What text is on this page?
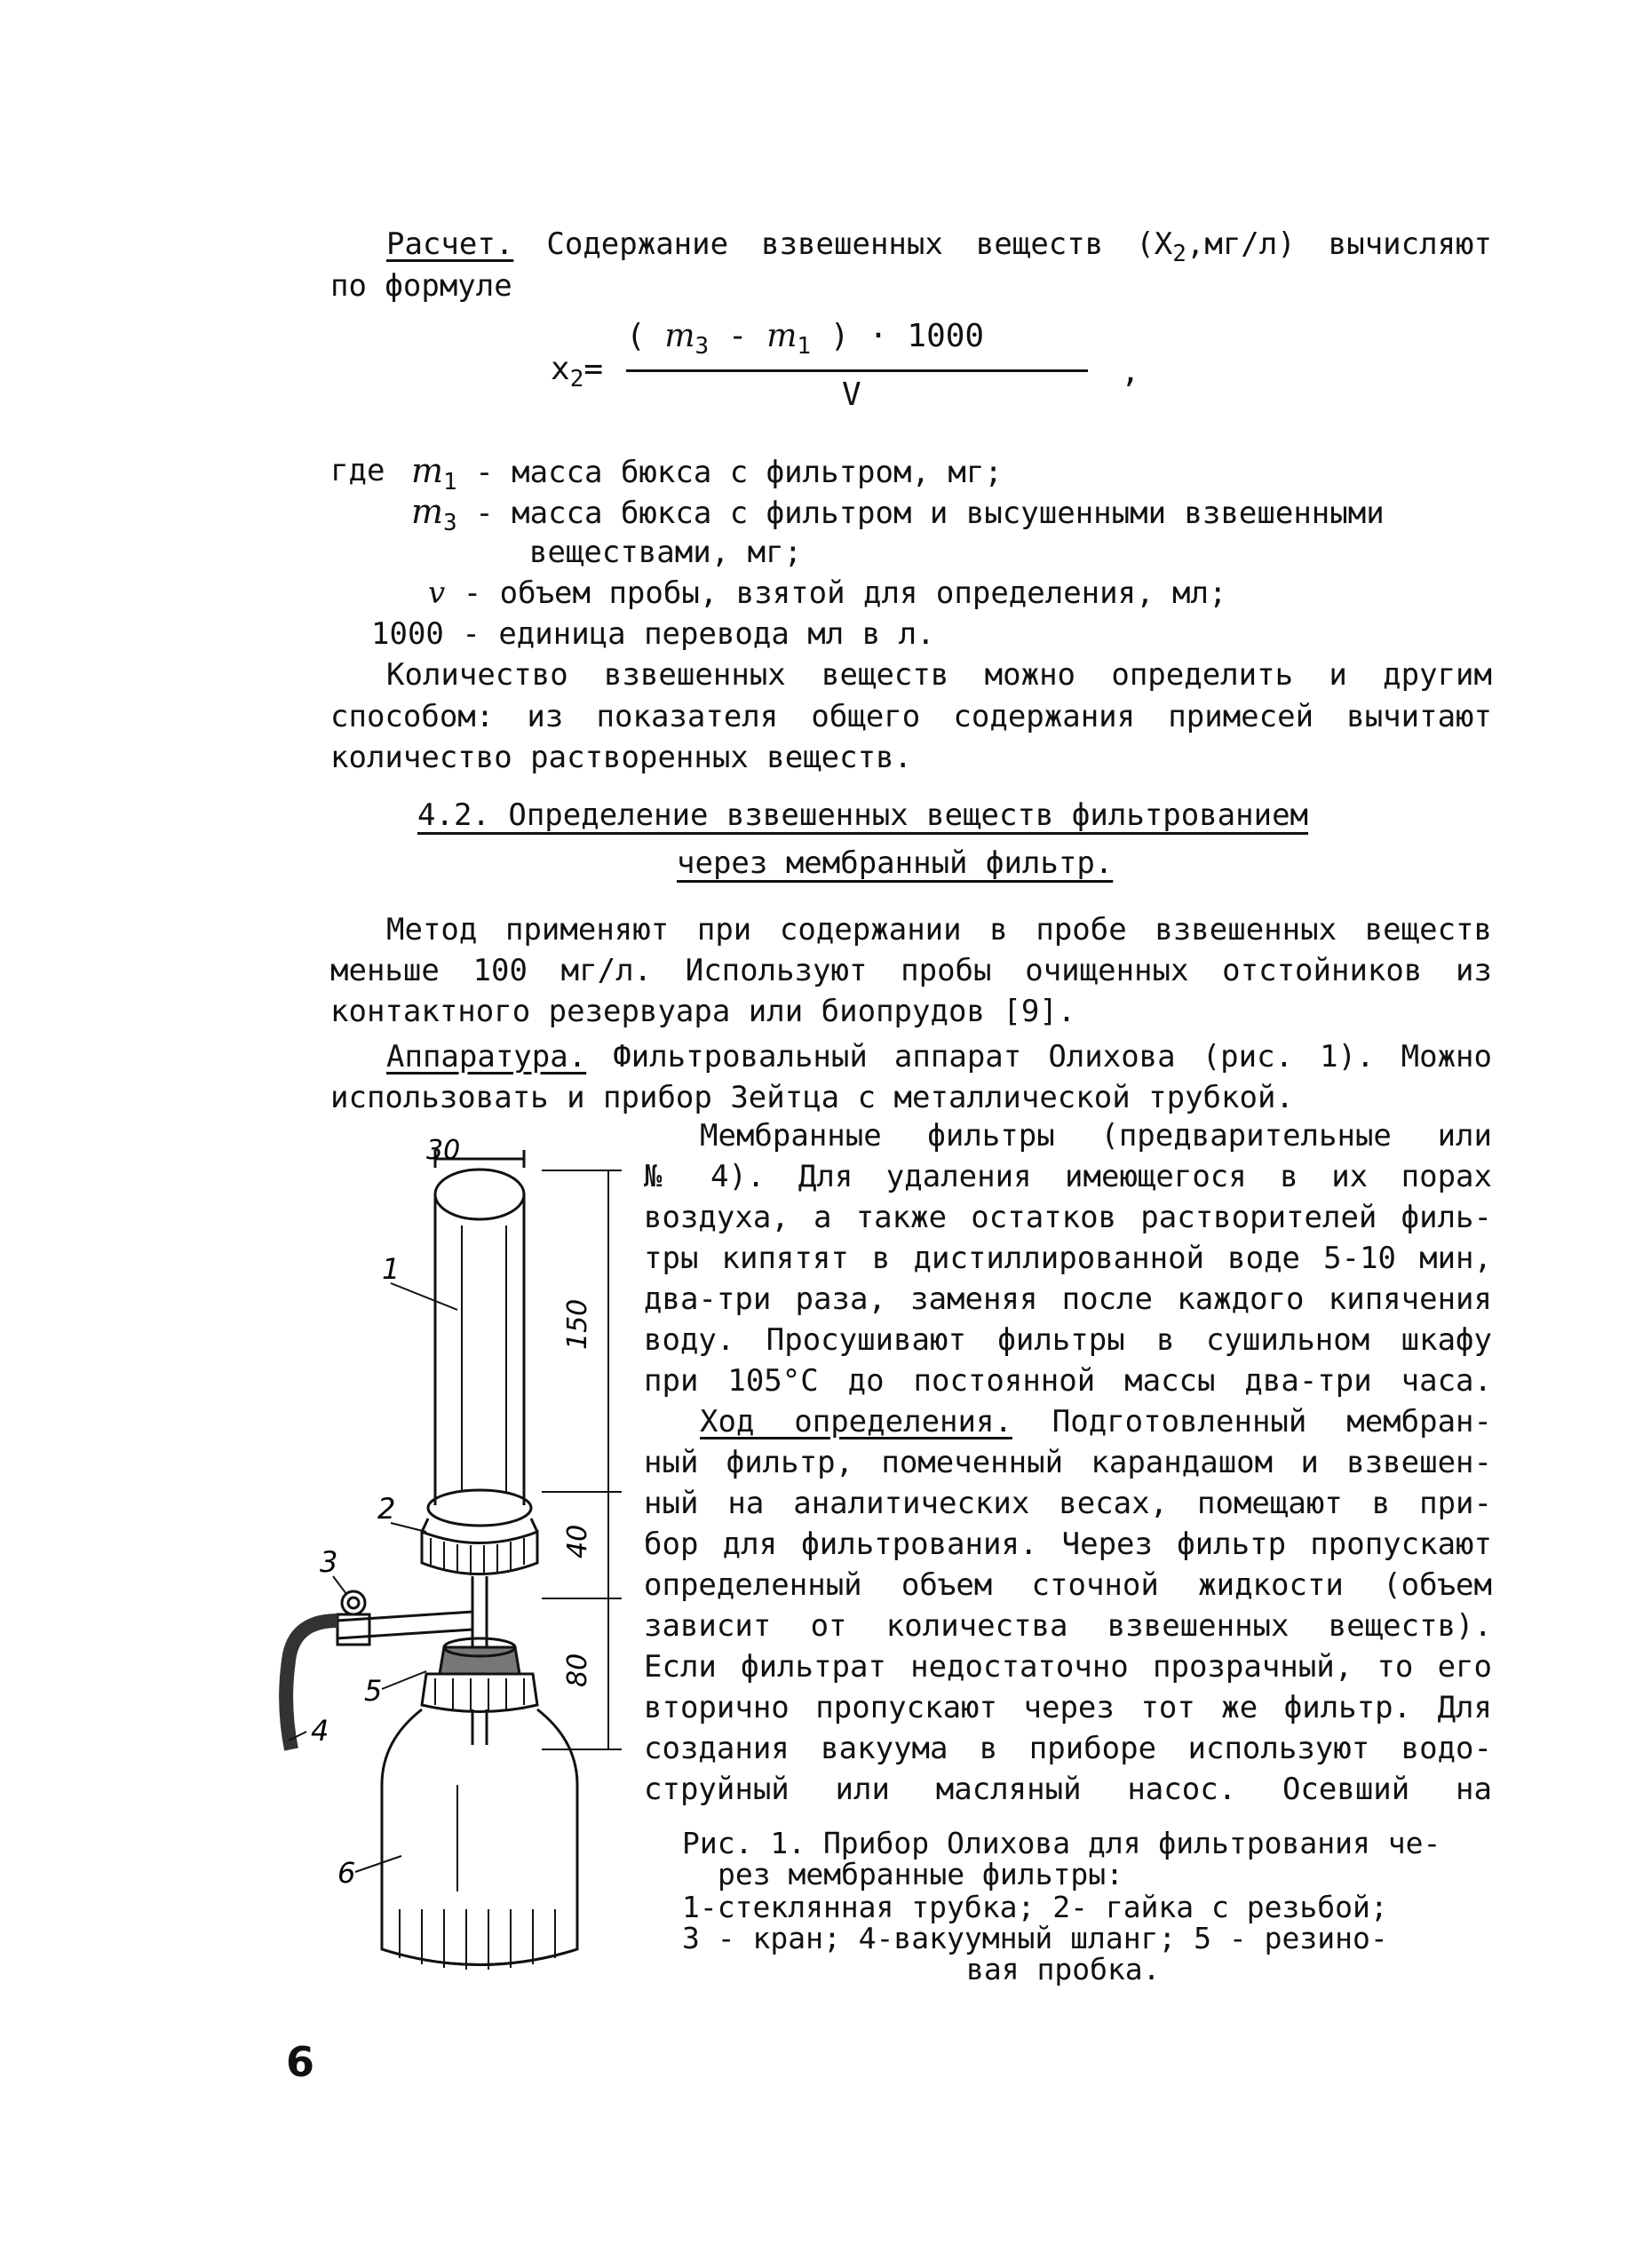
Расчет. Содержание взвешенных веществ $(X_2,мг/л)$ вычисляют
по формуле
$x_2=$
( $m_3 - m_1$ ) · 1000
V
,
где $m_1$ - масса бюкса с фильтром, мг;
$m_3$ - масса бюкса с фильтром и высушенными взвешенными
веществами, мг;
v - объем пробы, взятой для определения, мл;
1000 - единица перевода мл в л.
Количество взвешенных веществ можно определить и другим
способом: из показателя общего содержания примесей вычитают
количество растворенных веществ.
4.2. Определение взвешенных веществ фильтрованием
через мембранный фильтр.
Метод применяют при содержании в пробе взвешенных веществ
меньше 100 мг/л. Используют пробы очищенных отстойников из
контактного резервуара или биопрудов [9].
Аппаратура. Фильтровальный аппарат Олихова (рис. 1). Можно
использовать и прибор Зейтца с металлической трубкой.
Мембранные фильтры (предварительные или
№ 4). Для удаления имеющегося в их порах
воздуха, а также остатков растворителей филь-
тры кипятят в дистиллированной воде 5-10 мин,
два-три раза, заменяя после каждого кипячения
воду. Просушивают фильтры в сушильном шкафу
при 105°С до постоянной массы два-три часа.
Ход определения. Подготовленный мембран-
ный фильтр, помеченный карандашом и взвешен-
ный на аналитических весах, помещают в при-
бор для фильтрования. Через фильтр пропускают
определенный объем сточной жидкости (объем
зависит от количества взвешенных веществ).
Если фильтрат недостаточно прозрачный, то его
вторично пропускают через тот же фильтр. Для
создания вакуума в приборе используют водо-
струйный или масляный насос. Осевший на
Рис. 1. Прибор Олихова для фильтрования че-
рез мембранные фильтры:
1-стеклянная трубка; 2- гайка с резьбой;
3 - кран; 4-вакуумный шланг; 5 - резино-
вая пробка.
30
150
40
80
1
2
3
4
5
6
6
